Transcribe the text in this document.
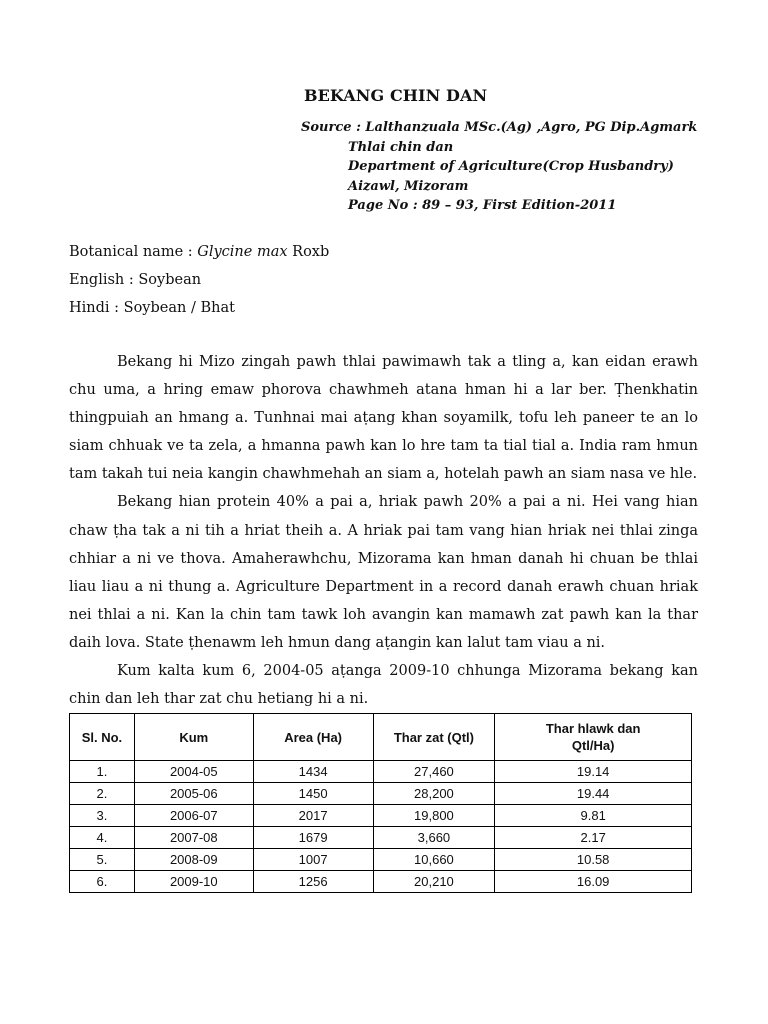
BEKANG CHIN DAN
Source : Lalthanzuala MSc.(Ag) ,Agro, PG Dip.Agmark
Thlai chin dan
Department of Agriculture(Crop Husbandry)
Aizawl, Mizoram
Page No : 89 – 93, First Edition-2011
Botanical name : Glycine max Roxb
English : Soybean
Hindi : Soybean / Bhat

Bekang hi Mizo zingah pawh thlai pawimawh tak a tling a, kan eidan erawh chu uma, a hring emaw phorova chawhmeh atana hman hi a lar ber. Ṭhenkhatin thingpuiah an hmang a. Tunhnai mai aṭang khan soyamilk, tofu leh paneer te an lo siam chhuak ve ta zela, a hmanna pawh kan lo hre tam ta tial tial a. India ram hmun tam takah tui neia kangin chawhmehah an siam a, hotelah pawh an siam nasa ve hle.

Bekang hian protein 40% a pai a, hriak pawh 20% a pai a ni. Hei vang hian chaw ṭha tak a ni tih a hriat theih a. A hriak pai tam vang hian hriak nei thlai zinga chhiar a ni ve thova. Amaherawhchu, Mizorama kan hman danah hi chuan be thlai liau liau a ni thung a. Agriculture Department in a record danah erawh chuan hriak nei thlai a ni. Kan la chin tam tawk loh avangin kan mamawh zat pawh kan la thar daih lova. State ṭhenawm leh hmun dang aṭangin kan lalut tam viau a ni.

Kum kalta kum 6, 2004-05 aṭanga 2009-10 chhunga Mizorama bekang kan chin dan leh thar zat chu hetiang hi a ni.

Sl. No.	Kum	Area (Ha)	Thar zat (Qtl)	Thar hlawk dan
Qtl/Ha)
1.	2004-05	1434	27,460	19.14
2.	2005-06	1450	28,200	19.44
3.	2006-07	2017	19,800	9.81
4.	2007-08	1679	3,660	2.17
5.	2008-09	1007	10,660	10.58
6.	2009-10	1256	20,210	16.09
